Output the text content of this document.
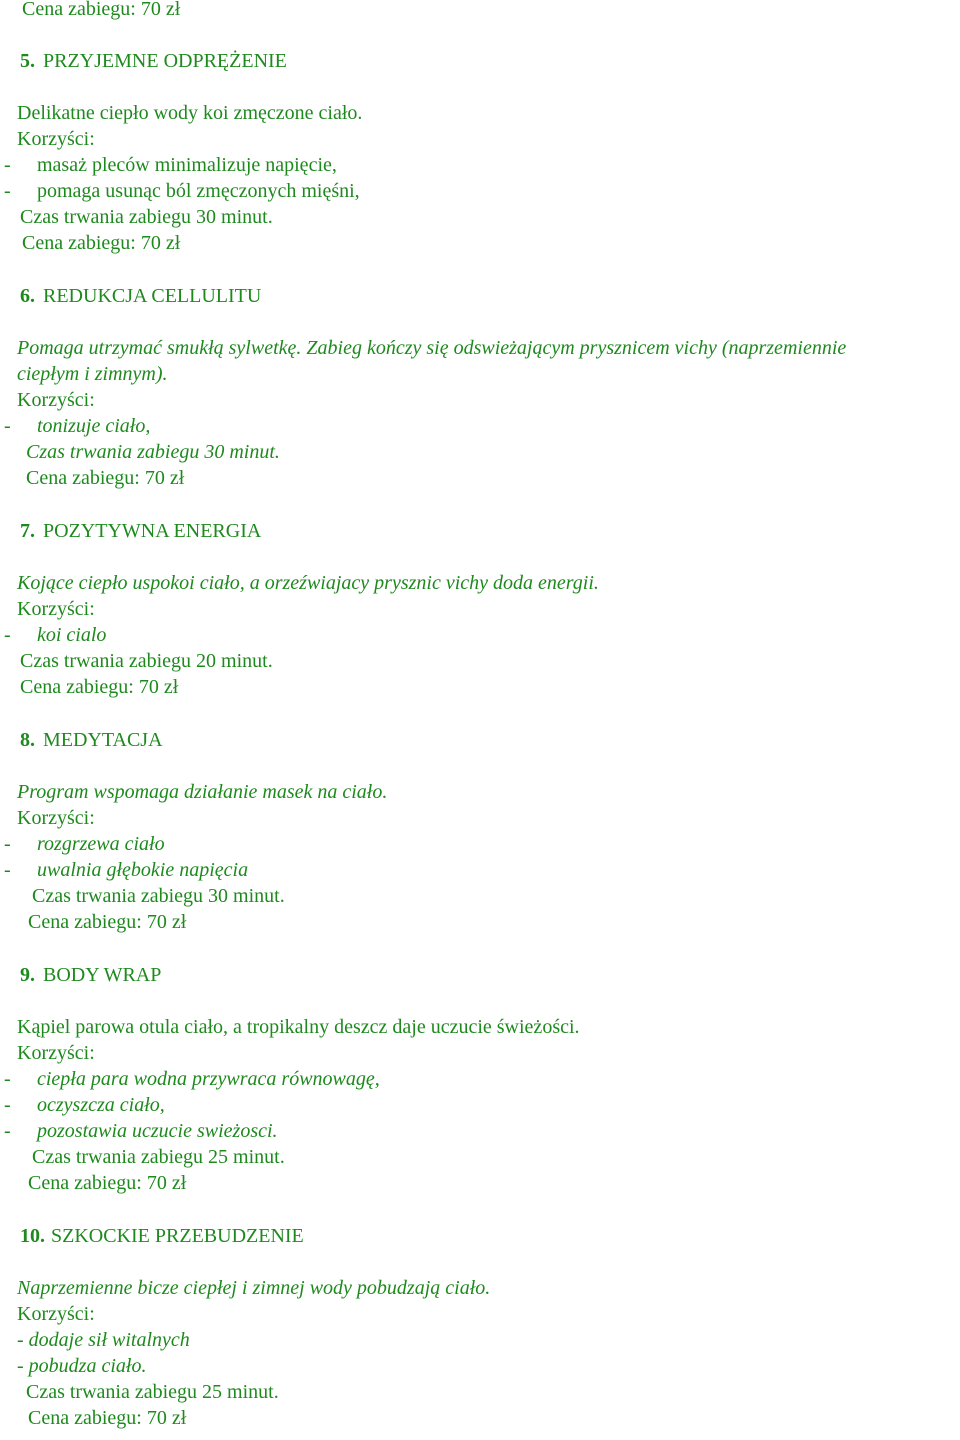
Cena zabiegu: 70 zł
5. PRZYJEMNE ODPRĘŻENIE
Delikatne ciepło wody koi zmęczone ciało.
Korzyści:
- masaż pleców minimalizuje napięcie,
- pomaga usunąc ból zmęczonych mięśni,
Czas trwania zabiegu 30 minut.
Cena zabiegu: 70 zł
6. REDUKCJA CELLULITU
Pomaga utrzymać smukłą sylwetkę. Zabieg kończy się odswieżającym prysznicem vichy (naprzemiennie
ciepłym i zimnym).
Korzyści:
- tonizuje ciało,
Czas trwania zabiegu 30 minut.
Cena zabiegu: 70 zł
7. POZYTYWNA ENERGIA
Kojące ciepło uspokoi ciało, a orzeźwiajacy prysznic vichy doda energii.
Korzyści:
- koi cialo
Czas trwania zabiegu 20 minut.
Cena zabiegu: 70 zł
8. MEDYTACJA
Program wspomaga działanie masek na ciało.
Korzyści:
- rozgrzewa ciało
- uwalnia głębokie napięcia
Czas trwania zabiegu 30 minut.
Cena zabiegu: 70 zł
9. BODY WRAP
Kąpiel parowa otula ciało, a tropikalny deszcz daje uczucie świeżości.
Korzyści:
- ciepła para wodna przywraca równowagę,
- oczyszcza ciało,
- pozostawia uczucie swieżosci.
Czas trwania zabiegu 25 minut.
Cena zabiegu: 70 zł
10. SZKOCKIE PRZEBUDZENIE
Naprzemienne bicze ciepłej i zimnej wody pobudzają ciało.
Korzyści:
- dodaje sił witalnych
- pobudza ciało.
Czas trwania zabiegu 25 minut.
Cena zabiegu: 70 zł
